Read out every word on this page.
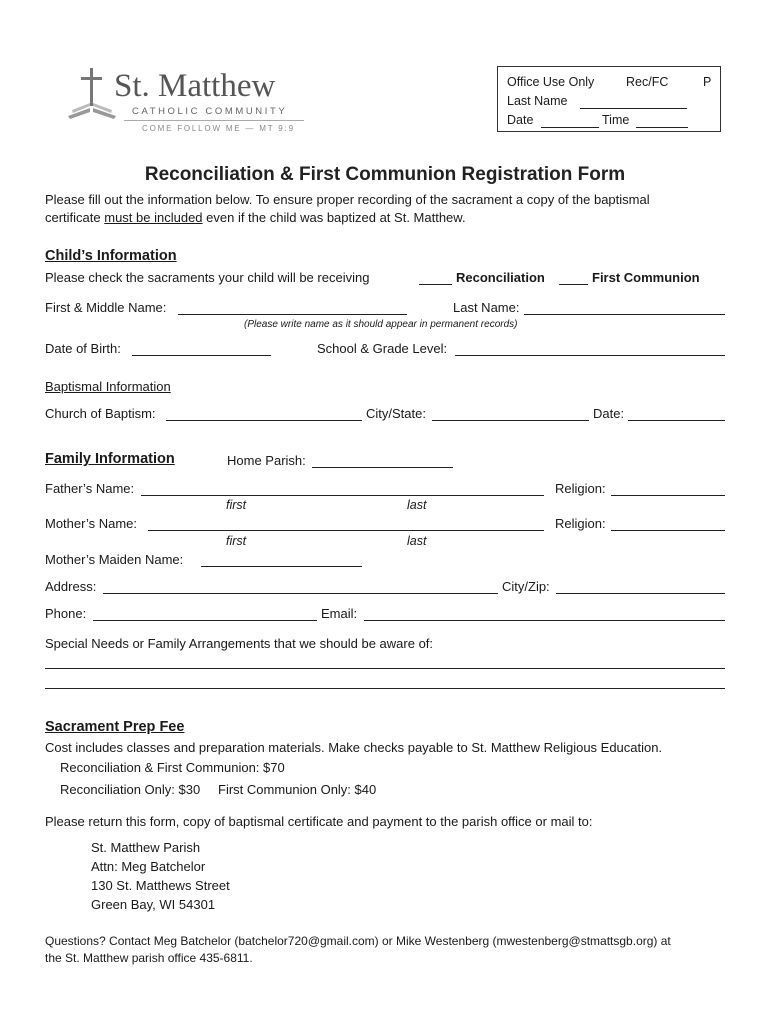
St. Matthew
CATHOLIC COMMUNITY
COME FOLLOW ME — MT 9:9
Office Use Only	Rec/FC	P
Last Name
Date	Time
Reconciliation & First Communion Registration Form
Please fill out the information below. To ensure proper recording of the sacrament a copy of the baptismal
certificate must be included even if the child was baptized at St. Matthew.
Child’s Information
Please check the sacraments your child will be receiving	Reconciliation	First Communion
First & Middle Name:	Last Name:
(Please write name as it should appear in permanent records)
Date of Birth:	School & Grade Level:
Baptismal Information
Church of Baptism:	City/State:	Date:
Family Information	Home Parish:
Father’s Name:	Religion:
first	last
Mother’s Name:	Religion:
first	last
Mother’s Maiden Name:
Address:	City/Zip:
Phone:	Email:
Special Needs or Family Arrangements that we should be aware of:
Sacrament Prep Fee
Cost includes classes and preparation materials. Make checks payable to St. Matthew Religious Education.
Reconciliation & First Communion: $70
Reconciliation Only: $30 First Communion Only: $40
Please return this form, copy of baptismal certificate and payment to the parish office or mail to:
St. Matthew Parish
Attn: Meg Batchelor
130 St. Matthews Street
Green Bay, WI 54301
Questions? Contact Meg Batchelor (batchelor720@gmail.com) or Mike Westenberg (mwestenberg@stmattsgb.org) at
the St. Matthew parish office 435-6811.
